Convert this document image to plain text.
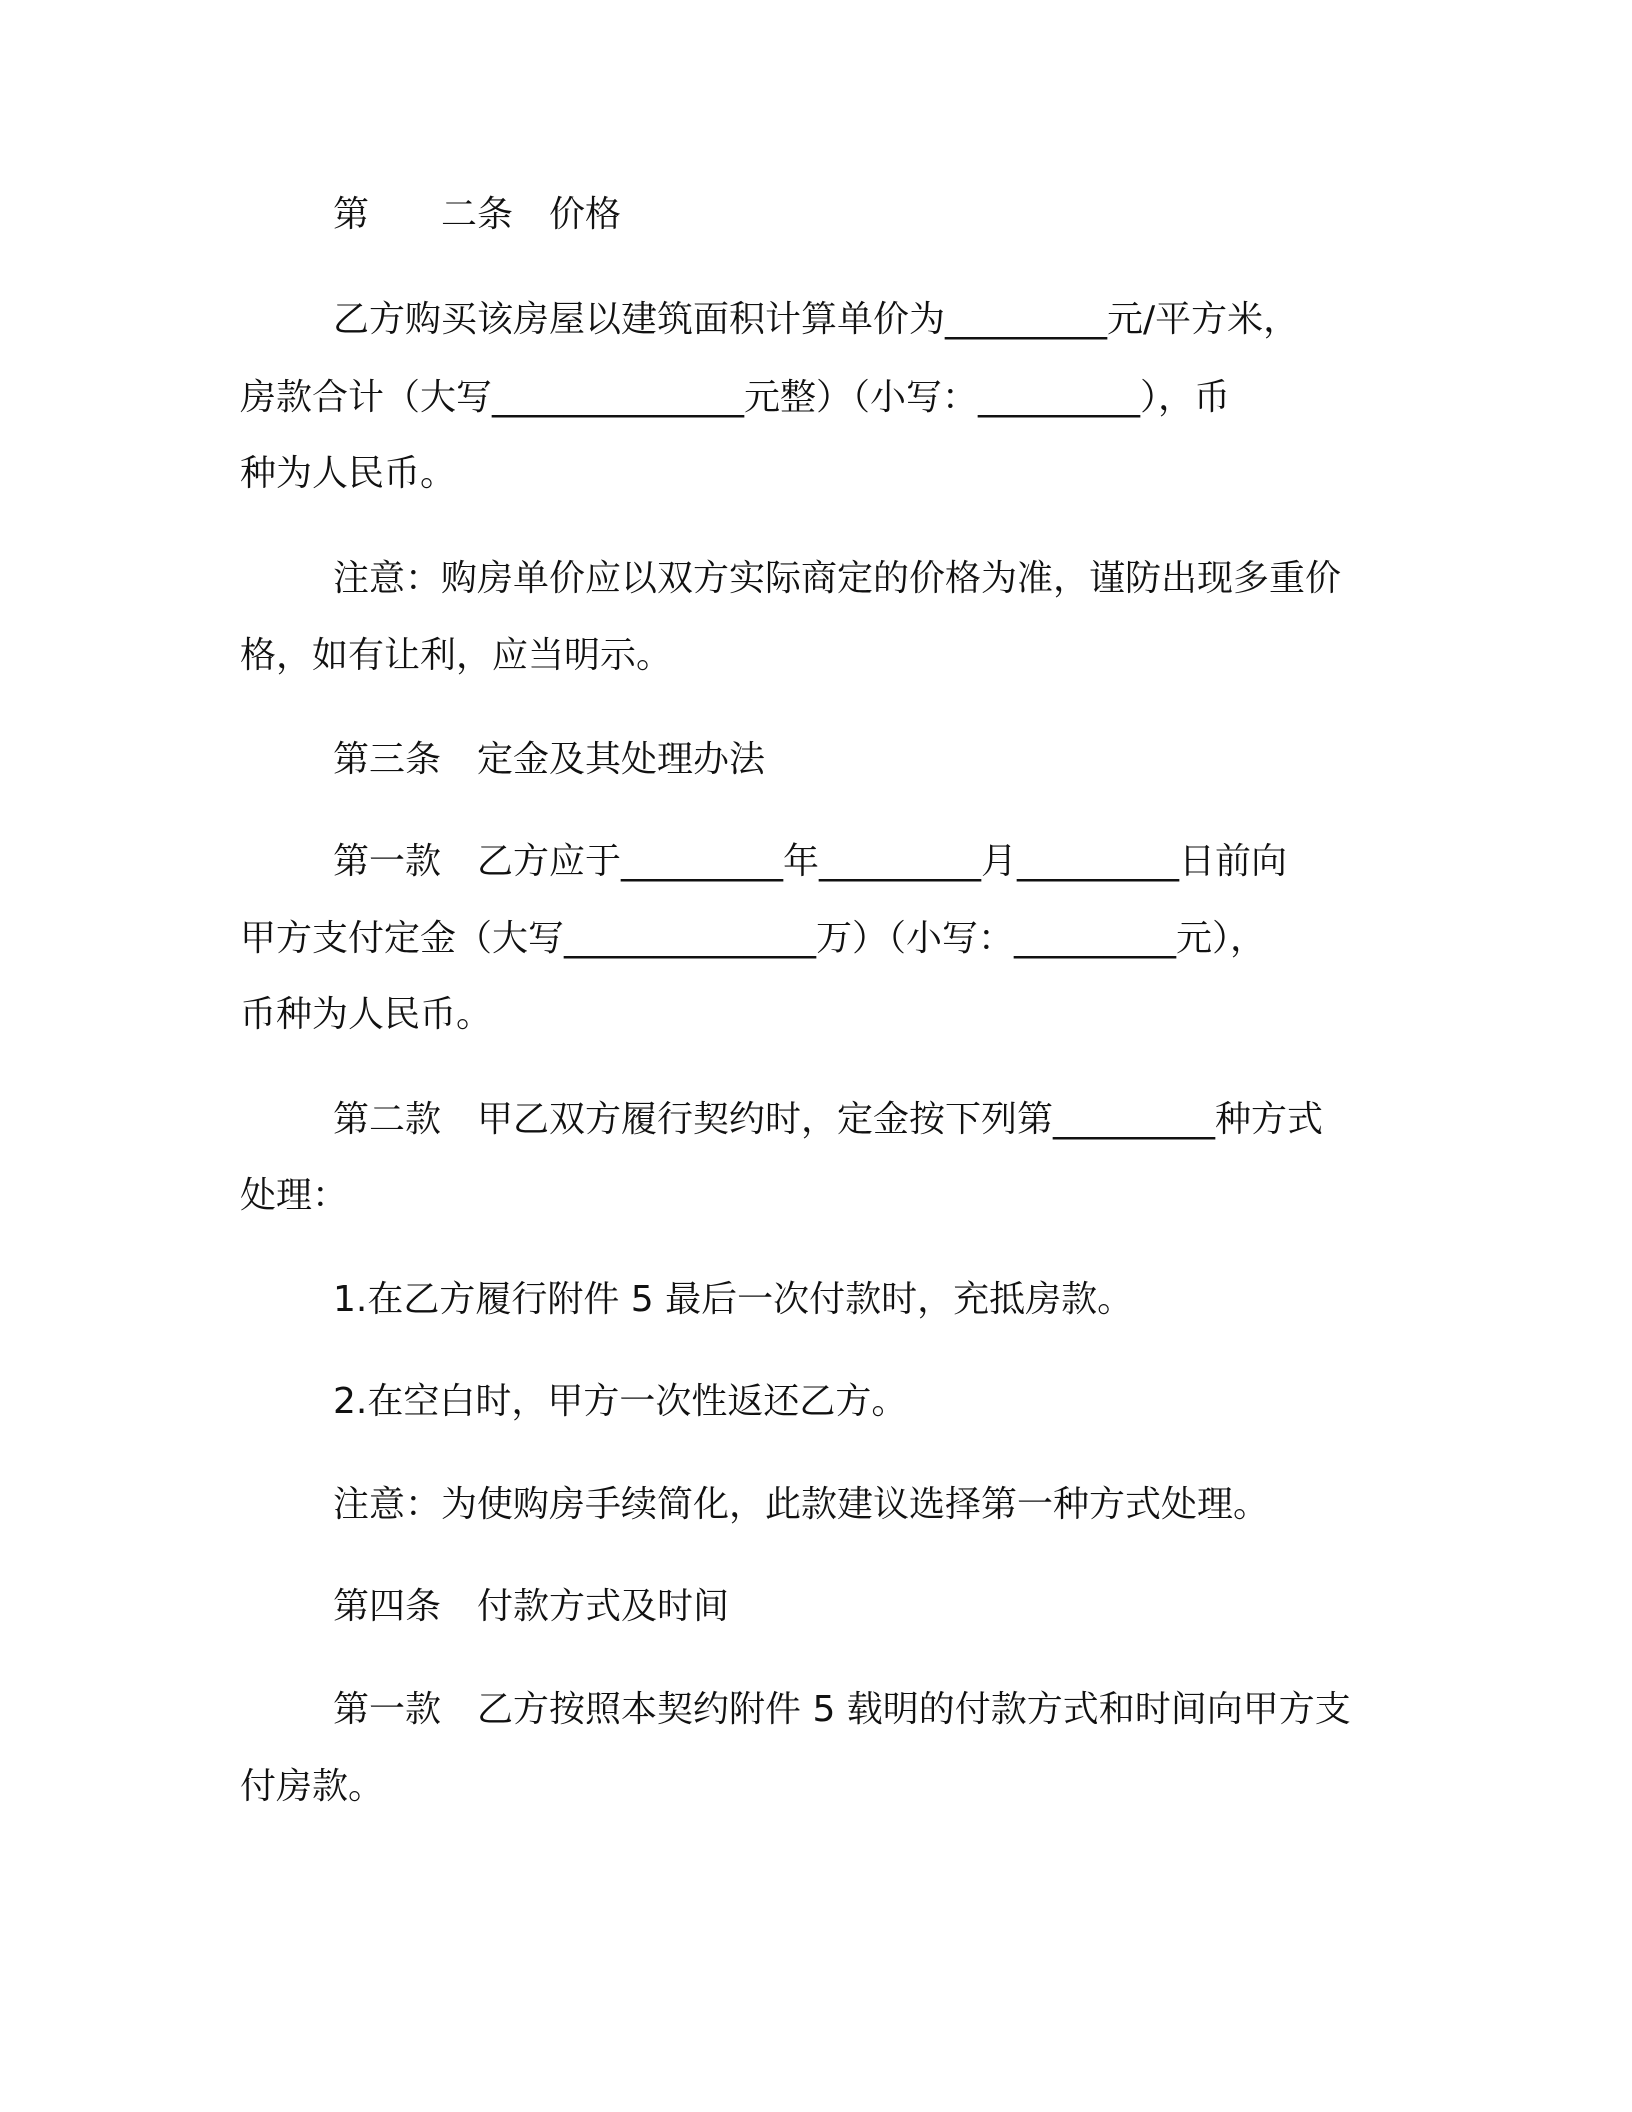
第　　二条　价格
乙方购买该房屋以建筑面积计算单价为_________元/平方米，
房款合计（大写______________元整）（小写：_________），币
种为人民币。
注意：购房单价应以双方实际商定的价格为准，谨防出现多重价
格，如有让利，应当明示。
第三条　定金及其处理办法
第一款　乙方应于_________年_________月_________日前向
甲方支付定金（大写______________万）（小写：_________元），
币种为人民币。
第二款　甲乙双方履行契约时，定金按下列第_________种方式
处理：
1.在乙方履行附件 5 最后一次付款时，充抵房款。
2.在空白时，甲方一次性返还乙方。
注意：为使购房手续简化，此款建议选择第一种方式处理。
第四条　付款方式及时间
第一款　乙方按照本契约附件 5 载明的付款方式和时间向甲方支
付房款。
